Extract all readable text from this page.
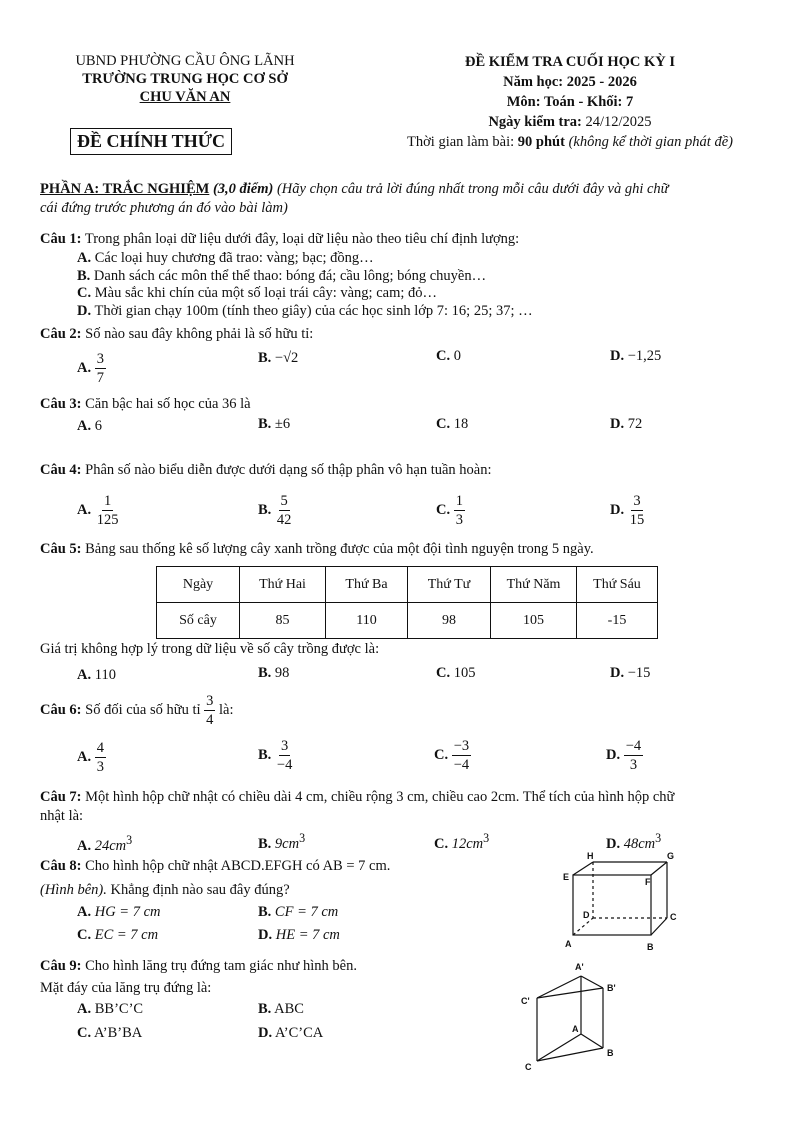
UBND PHƯỜNG CẦU ÔNG LÃNH
TRƯỜNG TRUNG HỌC CƠ SỞ
CHU VĂN AN
ĐỀ CHÍNH THỨC
ĐỀ KIỂM TRA CUỐI HỌC KỲ I
Năm học: 2025 - 2026
Môn: Toán - Khối: 7
Ngày kiểm tra: 24/12/2025
Thời gian làm bài: 90 phút (không kể thời gian phát đề)
PHẦN A: TRẮC NGHIỆM (3,0 điểm) (Hãy chọn câu trả lời đúng nhất trong mỗi câu dưới đây và ghi chữ
cái đứng trước phương án đó vào bài làm)
Câu 1: Trong phân loại dữ liệu dưới đây, loại dữ liệu nào theo tiêu chí định lượng:
A. Các loại huy chương đã trao: vàng; bạc; đồng…
B. Danh sách các môn thể thể thao: bóng đá; cầu lông; bóng chuyền…
C. Màu sắc khi chín của một số loại trái cây: vàng; cam; đỏ…
D. Thời gian chạy 100m (tính theo giây) của các học sinh lớp 7: 16; 25; 37; …
Câu 2: Số nào sau đây không phải là số hữu tỉ:
A. $\frac{3}{7}$	B. −√2	C. 0	D. −1,25
Câu 3: Căn bậc hai số học của 36 là
A. 6	B. ±6	C. 18	D. 72
Câu 4: Phân số nào biểu diễn được dưới dạng số thập phân vô hạn tuần hoàn:
A. $\frac{1}{125}$	B. $\frac{5}{42}$	C. $\frac{1}{3}$	D. $\frac{3}{15}$
Câu 5: Bảng sau thống kê số lượng cây xanh trồng được của một đội tình nguyện trong 5 ngày.
Ngày	Thứ Hai	Thứ Ba	Thứ Tư	Thứ Năm	Thứ Sáu
Số cây	85	110	98	105	-15
Giá trị không hợp lý trong dữ liệu về số cây trồng được là:
A. 110	B. 98	C. 105	D. −15
Câu 6: Số đối của số hữu tỉ $\frac{3}{4}$ là:
A. $\frac{4}{3}$	B. $\frac{3}{-4}$	C. $\frac{-3}{-4}$	D. $\frac{-4}{3}$
Câu 7: Một hình hộp chữ nhật có chiều dài 4 cm, chiều rộng 3 cm, chiều cao 2cm. Thể tích của hình hộp chữ
nhật là:
A. $24cm^3$	B. $9cm^3$	C. $12cm^3$	D. $48cm^3$
Câu 8: Cho hình hộp chữ nhật ABCD.EFGH có AB = 7 cm.
(Hình bên). Khẳng định nào sau đây đúng?
A. HG = 7 cm	B. CF = 7 cm
C. EC = 7 cm	D. HE = 7 cm
H	G
E	F
D	C
A	B
Câu 9: Cho hình lăng trụ đứng tam giác như hình bên.
Mặt đáy của lăng trụ đứng là:
A. BB’C’C	B. ABC
C. A’B’BA	D. A’C’CA
A'
B'
C'
A
B
C
